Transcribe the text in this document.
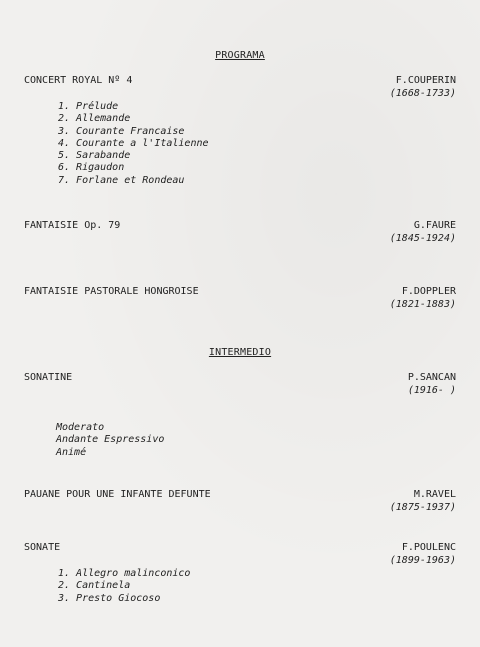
PROGRAMA
CONCERT ROYAL Nº 4	F.COUPERIN
(1668-1733)
1. Prélude
2. Allemande
3. Courante Francaise
4. Courante a l'Italienne
5. Sarabande
6. Rigaudon
7. Forlane et Rondeau
FANTAISIE Op. 79	G.FAURE
(1845-1924)
FANTAISIE PASTORALE HONGROISE	F.DOPPLER
(1821-1883)
INTERMEDIO
SONATINE	P.SANCAN
(1916- )
Moderato
Andante Espressivo
Animé
PAUANE POUR UNE INFANTE DEFUNTE	M.RAVEL
(1875-1937)
SONATE	F.POULENC
(1899-1963)
1. Allegro malinconico
2. Cantinela
3. Presto Giocoso
